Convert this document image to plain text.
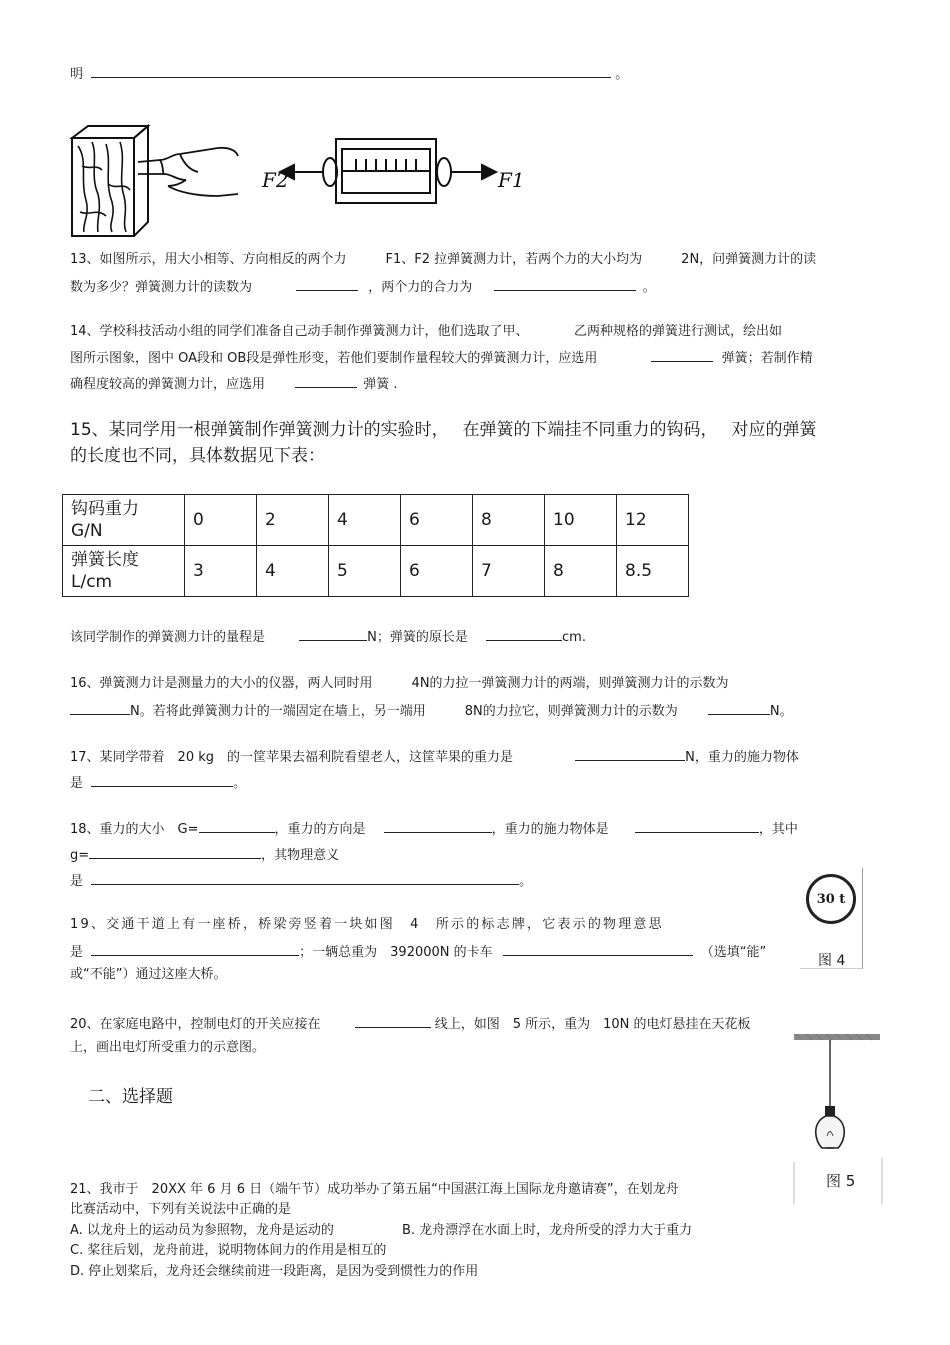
明	。
F2	F1
13、如图所示，用大小相等、方向相反的两个力　　　F1、F2 拉弹簧测力计，若两个力的大小均为　　　2N，问弹簧测力计的读
数为多少？弹簧测力计的读数为	，两个力的合力为	。
14、学校科技活动小组的同学们准备自己动手制作弹簧测力计，他们选取了甲、　　　　乙两种规格的弹簧进行测试，绘出如
图所示图象，图中 OA段和 OB段是弹性形变，若他们要制作量程较大的弹簧测力计，应选用	弹簧；若制作精
确程度较高的弹簧测力计，应选用	弹簧 .
15、某同学用一根弹簧制作弹簧测力计的实验时，　 在弹簧的下端挂不同重力的钩码，　 对应的弹簧
的长度也不同，具体数据见下表：
钩码重力
G/N	0	2	4	6	8	10	12

弹簧长度
L/cm	3	4	5	6	7	8	8.5
该同学制作的弹簧测力计的量程是	N；弹簧的原长是	cm.
16、弹簧测力计是测量力的大小的仪器，两人同时用　　　4N的力拉一弹簧测力计的两端，则弹簧测力计的示数为
N。若将此弹簧测力计的一端固定在墙上，另一端用　　　8N的力拉它，则弹簧测力计的示数为	N。
17、某同学带着　20 kg　的一筐苹果去福利院看望老人，这筐苹果的重力是	N，重力的施力物体
是	。
18、重力的大小　G=	，重力的方向是	，重力的施力物体是	，其中
g=	，其物理意义
是	。
30 t
图 4
19、交通干道上有一座桥，桥梁旁竖着一块如图　4　所示的标志牌，它表示的物理意思
是	；一辆总重为　392000N 的卡车	（选填“能”
或“不能”）通过这座大桥。
20、在家庭电路中，控制电灯的开关应接在	线上，如图　5 所示，重为　10N 的电灯悬挂在天花板
上，画出电灯所受重力的示意图。
图 5
二、选择题
21、我市于　20XX 年 6 月 6 日（端午节）成功举办了第五届“中国湛江海上国际龙舟邀请赛”，在划龙舟
比赛活动中，下列有关说法中正确的是
A. 以龙舟上的运动员为参照物，龙舟是运动的	B. 龙舟漂浮在水面上时，龙舟所受的浮力大于重力
C. 桨往后划，龙舟前进，说明物体间力的作用是相互的
D. 停止划桨后，龙舟还会继续前进一段距离，是因为受到惯性力的作用
